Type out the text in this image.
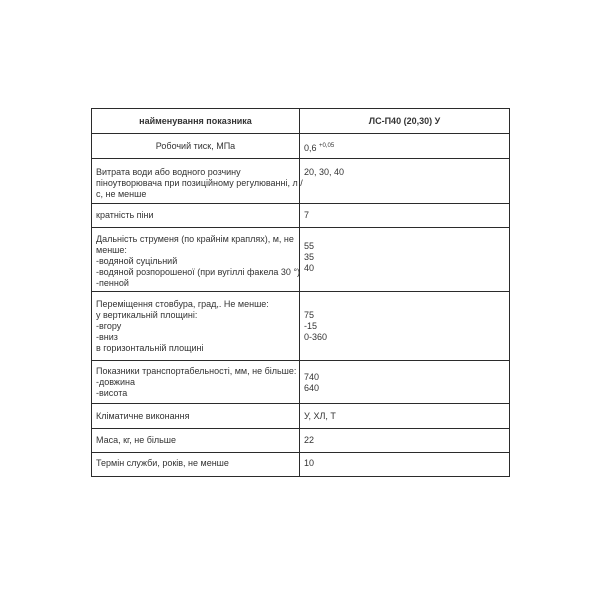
найменування показника	ЛС-П40 (20,30) У

Робочий тиск, МПа	0,6 $^{+0,05}$

Витрата води або водного розчину
піноутворювача при позиційному регулюванні, л /
с, не менше	20, 30, 40

кратність піни	7

Дальність струменя (по крайнім краплях), м, не
менше:
-водяной суцільний
-водяной розпорошеної (при вугіллі факела 30 °)
-пенной	55
35
40

Переміщення стовбура, град,. Не менше:
у вертикальній площині:
-вгору
-вниз
в горизонтальній площині	75
-15
0-360

Показники транспортабельності, мм, не більше:
-довжина
-висота	740
640

Кліматичне виконання	У, ХЛ, Т

Маса, кг, не більше	22

Термін служби, років, не менше	10
